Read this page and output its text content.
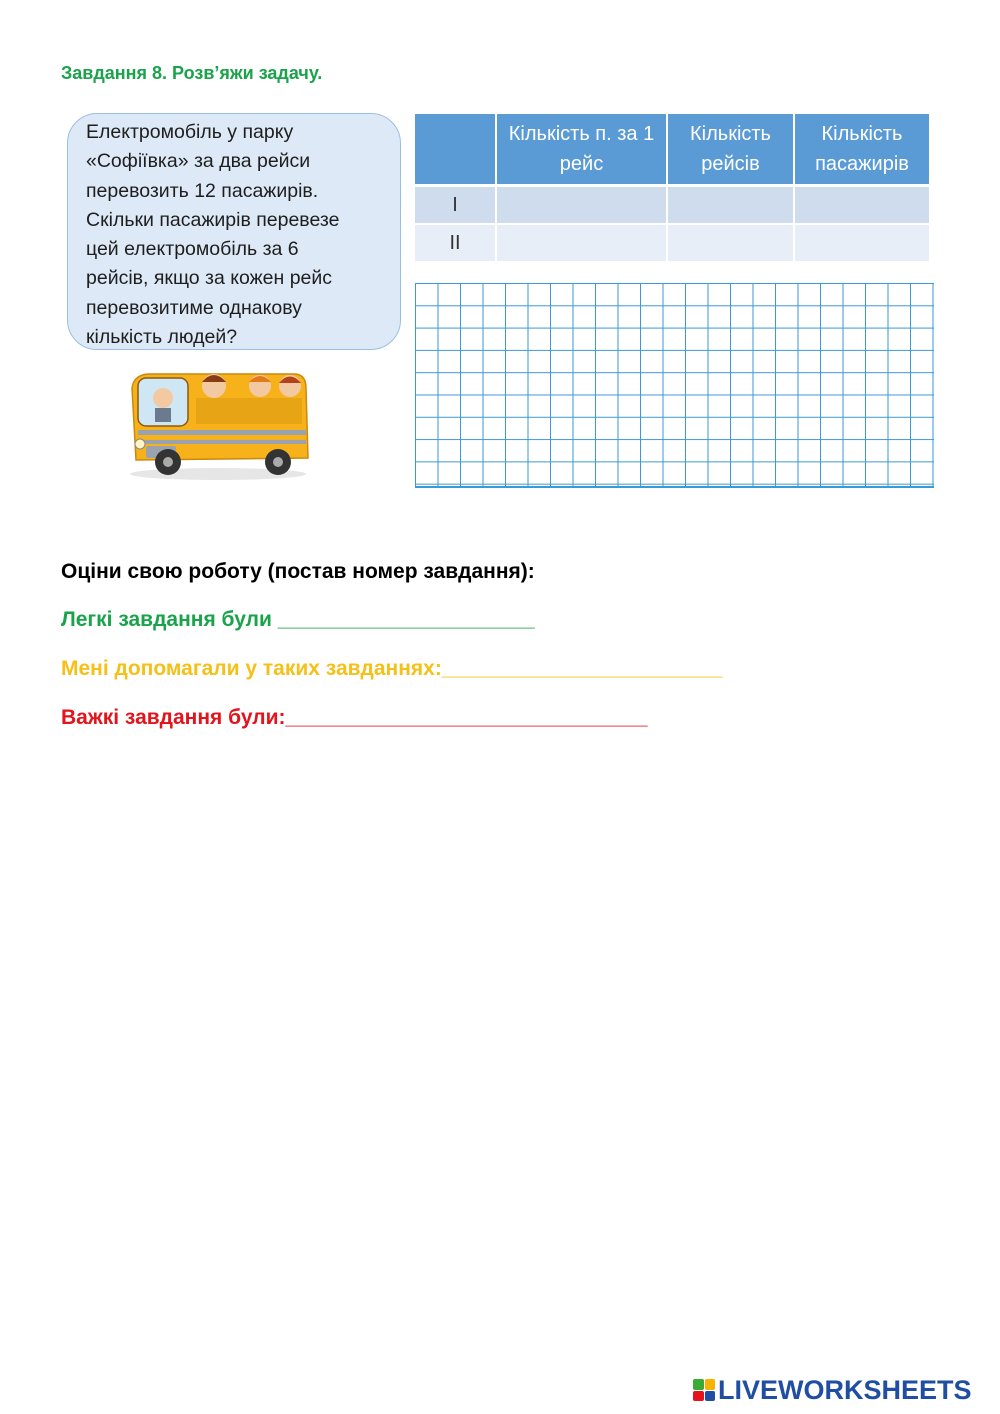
Завдання 8. Розв’яжи задачу.
Електромобіль у парку
«Софіївка» за два рейси
перевозить 12 пасажирів.
Скільки пасажирів перевезе
цей електромобіль за 6
рейсів, якщо за кожен рейс
перевозитиме однакову
кількість людей?
	Кількість п. за 1 рейс	Кількість рейсів	Кількість пасажирів
I			
II			
Оціни свою роботу (постав номер завдання):
Легкі завдання були ______________________
Мені допомагали у таких завданнях:________________________
Важкі завдання були:_______________________________
LIVEWORKSHEETS
